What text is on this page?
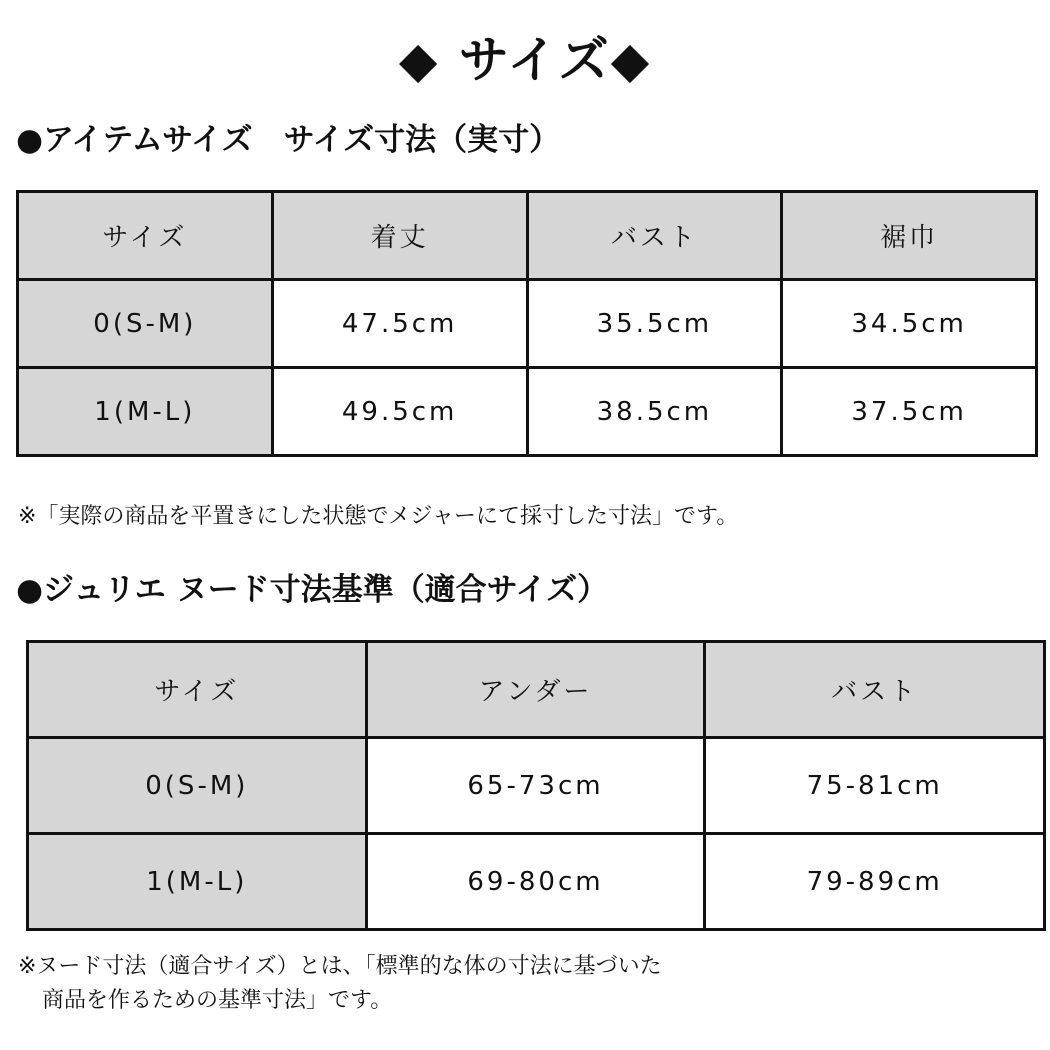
◆ サイズ◆
●アイテムサイズ　サイズ寸法（実寸）
サイズ	着丈	バスト	裾巾
0(S-M)	47.5cm	35.5cm	34.5cm
1(M-L)	49.5cm	38.5cm	37.5cm
※「実際の商品を平置きにした状態でメジャーにて採寸した寸法」です。
●ジュリエ ヌード寸法基準（適合サイズ）
サイズ	アンダー	バスト
0(S-M)	65-73cm	75-81cm
1(M-L)	69-80cm	79-89cm
※ヌード寸法（適合サイズ）とは、「標準的な体の寸法に基づいた
商品を作るための基準寸法」です。
